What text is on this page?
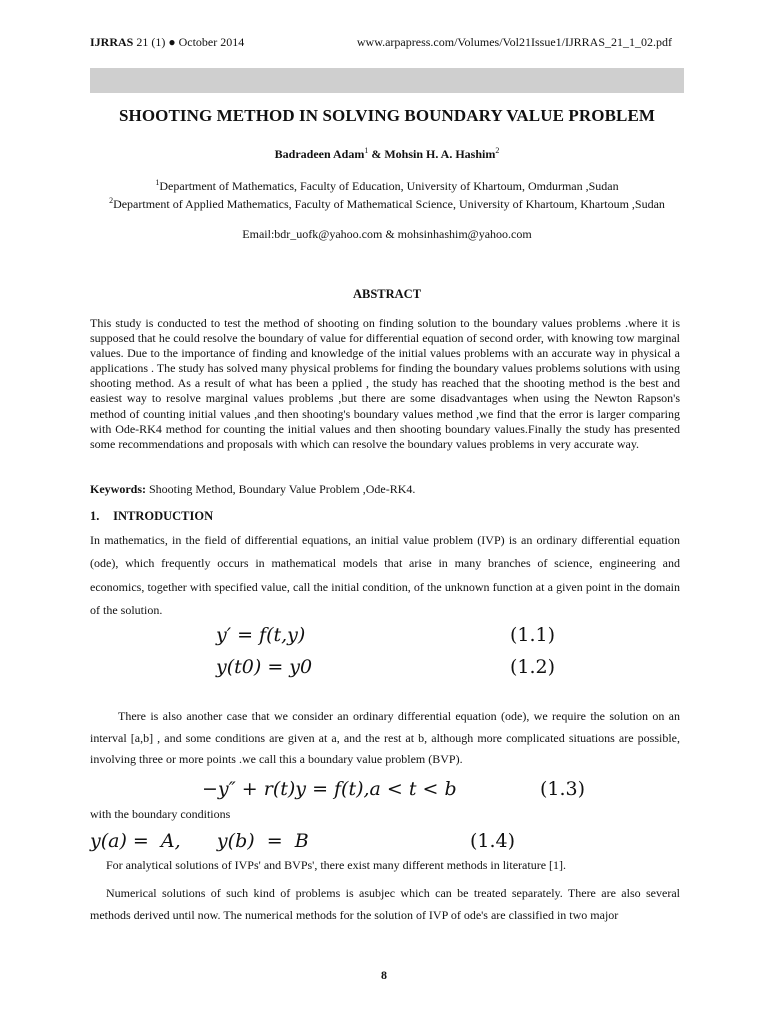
IJRRAS 21 (1) ● October 2014	www.arpapress.com/Volumes/Vol21Issue1/IJRRAS_21_1_02.pdf
SHOOTING METHOD IN SOLVING BOUNDARY VALUE PROBLEM
Badradeen Adam$^1$ & Mohsin H. A. Hashim$^2$
$^1$Department of Mathematics, Faculty of Education, University of Khartoum, Omdurman ,Sudan
$^2$Department of Applied Mathematics, Faculty of Mathematical Science, University of Khartoum, Khartoum ,Sudan
Email:bdr_uofk@yahoo.com & mohsinhashim@yahoo.com
ABSTRACT
This study is conducted to test the method of shooting on finding solution to the boundary values problems .where it is supposed that he could resolve the boundary of value for differential equation of second order, with knowing tow marginal values. Due to the importance of finding and knowledge of the initial values problems with an accurate way in physical a applications . The study has solved many physical problems for finding the boundary values problems solutions with using shooting method. As a result of what has been a pplied , the study has reached that the shooting method is the best and easiest way to resolve marginal values problems ,but there are some disadvantages when using the Newton Rapson's method of counting initial values ,and then shooting's boundary values method ,we find that the error is larger comparing with Ode-RK4 method for counting the initial values and then shooting boundary values.Finally the study has presented some recommendations and proposals with which can resolve the boundary values problems in very accurate way.
Keywords: Shooting Method, Boundary Value Problem ,Ode-RK4.
1. INTRODUCTION
In mathematics, in the field of differential equations, an initial value problem (IVP) is an ordinary differential equation (ode), which frequently occurs in mathematical models that arise in many branches of science, engineering and economics, together with specified value, call the initial condition, of the unknown function at a given point in the domain of the solution.
y′ = f(t,y)	(1.1)
y(t0) = y0	(1.2)
There is also another case that we consider an ordinary differential equation (ode), we require the solution on an interval [a,b] , and some conditions are given at a, and the rest at b, although more complicated situations are possible, involving three or more points .we call this a boundary value problem (BVP).
−y″ + r(t)y = f(t),a < t < b	(1.3)
with the boundary conditions
y(a) =  A,      y(b)  =  B	(1.4)
For analytical solutions of IVPs' and BVPs', there exist many different methods in literature [1].
Numerical solutions of such kind of problems is asubjec which can be treated separately. There are also several methods derived until now. The numerical methods for the solution of IVP of ode's are classified in two major
8
